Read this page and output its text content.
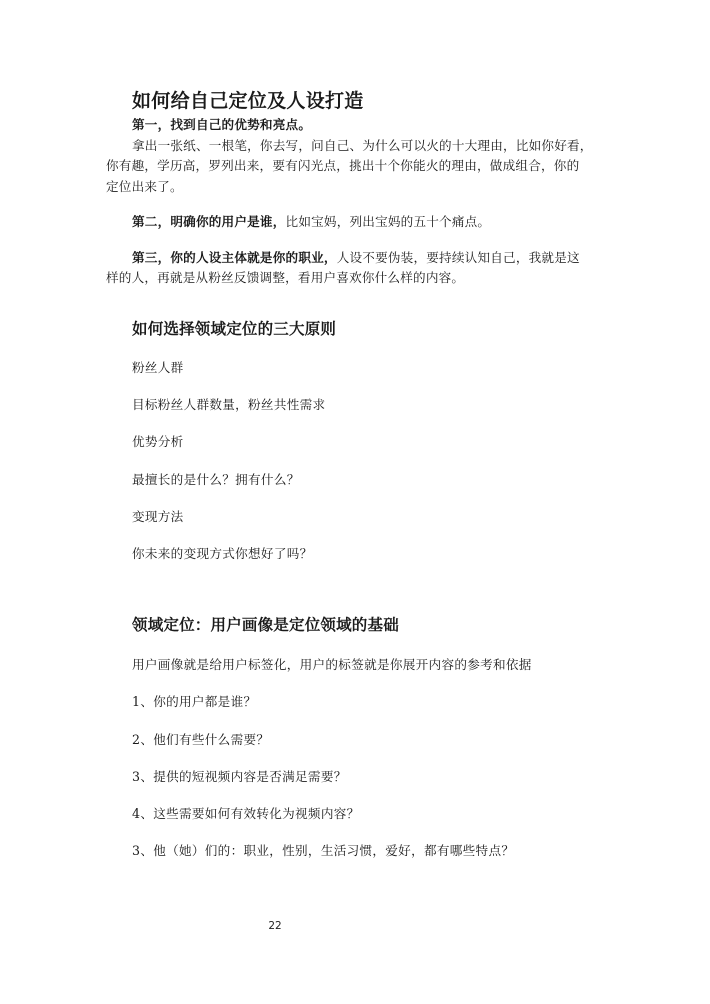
如何给自己定位及人设打造

第一，找到自己的优势和亮点。

拿出一张纸、一根笔，你去写，问自己、为什么可以火的十大理由，比如你好看，

你有趣，学历高，罗列出来，要有闪光点，挑出十个你能火的理由，做成组合，你的

定位出来了。

第二，明确你的用户是谁，比如宝妈，列出宝妈的五十个痛点。

第三，你的人设主体就是你的职业，人设不要伪装，要持续认知自己，我就是这

样的人，再就是从粉丝反馈调整，看用户喜欢你什么样的内容。

如何选择领域定位的三大原则

粉丝人群

目标粉丝人群数量，粉丝共性需求

优势分析

最擅长的是什么？拥有什么？

变现方法

你未来的变现方式你想好了吗？

领域定位：用户画像是定位领域的基础

用户画像就是给用户标签化，用户的标签就是你展开内容的参考和依据

1、你的用户都是谁？

2、他们有些什么需要？

3、提供的短视频内容是否满足需要？

4、这些需要如何有效转化为视频内容？

3、他（她）们的：职业，性别，生活习惯，爱好，都有哪些特点？

22
